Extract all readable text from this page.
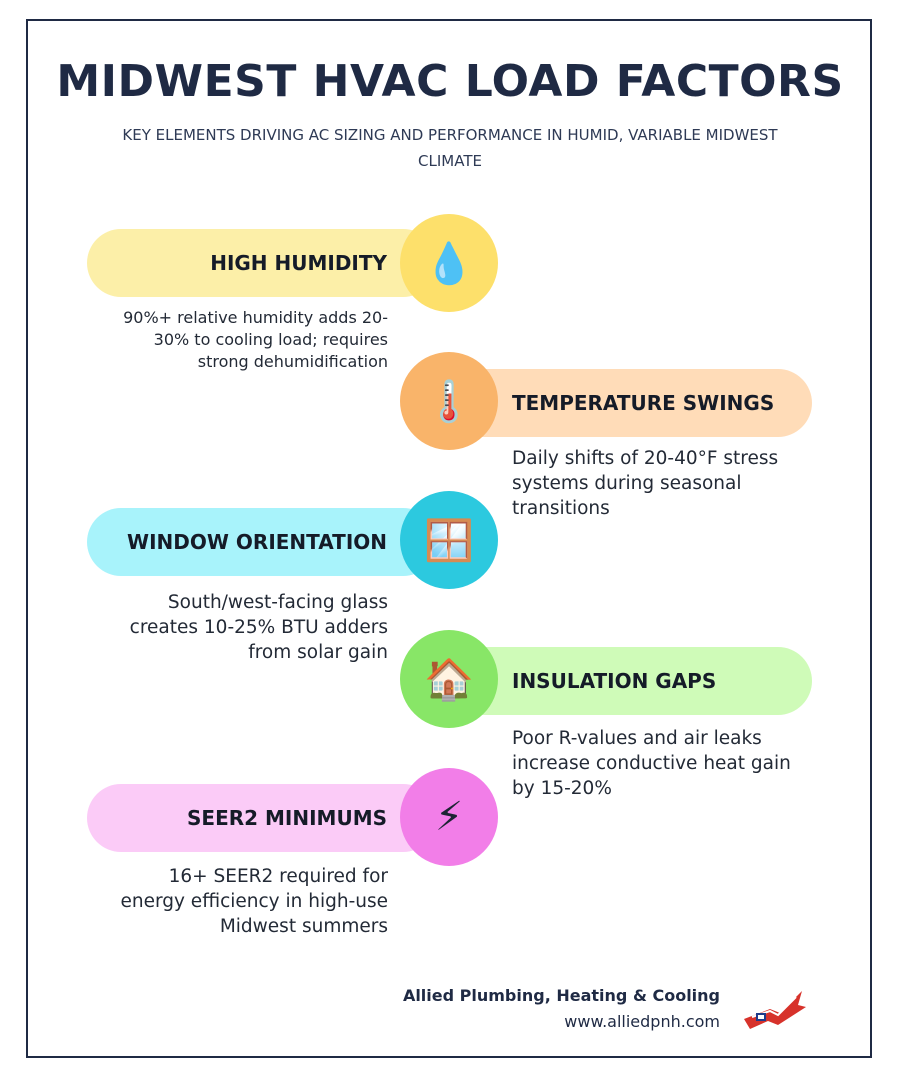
MIDWEST HVAC LOAD FACTORS

KEY ELEMENTS DRIVING AC SIZING AND PERFORMANCE IN HUMID, VARIABLE MIDWEST CLIMATE

HIGH HUMIDITY 💧

90%+ relative humidity adds 20-30% to cooling load; requires strong dehumidification

TEMPERATURE SWINGS
🌡️

Daily shifts of 20-40°F stress systems during seasonal transitions

WINDOW ORIENTATION 🪟

South/west-facing glass creates 10-25% BTU adders from solar gain

INSULATION GAPS
🏠

Poor R-values and air leaks increase conductive heat gain by 15-20%

SEER2 MINIMUMS ⚡

16+ SEER2 required for energy efficiency in high-use Midwest summers

Allied Plumbing, Heating & Cooling
www.alliedpnh.com
